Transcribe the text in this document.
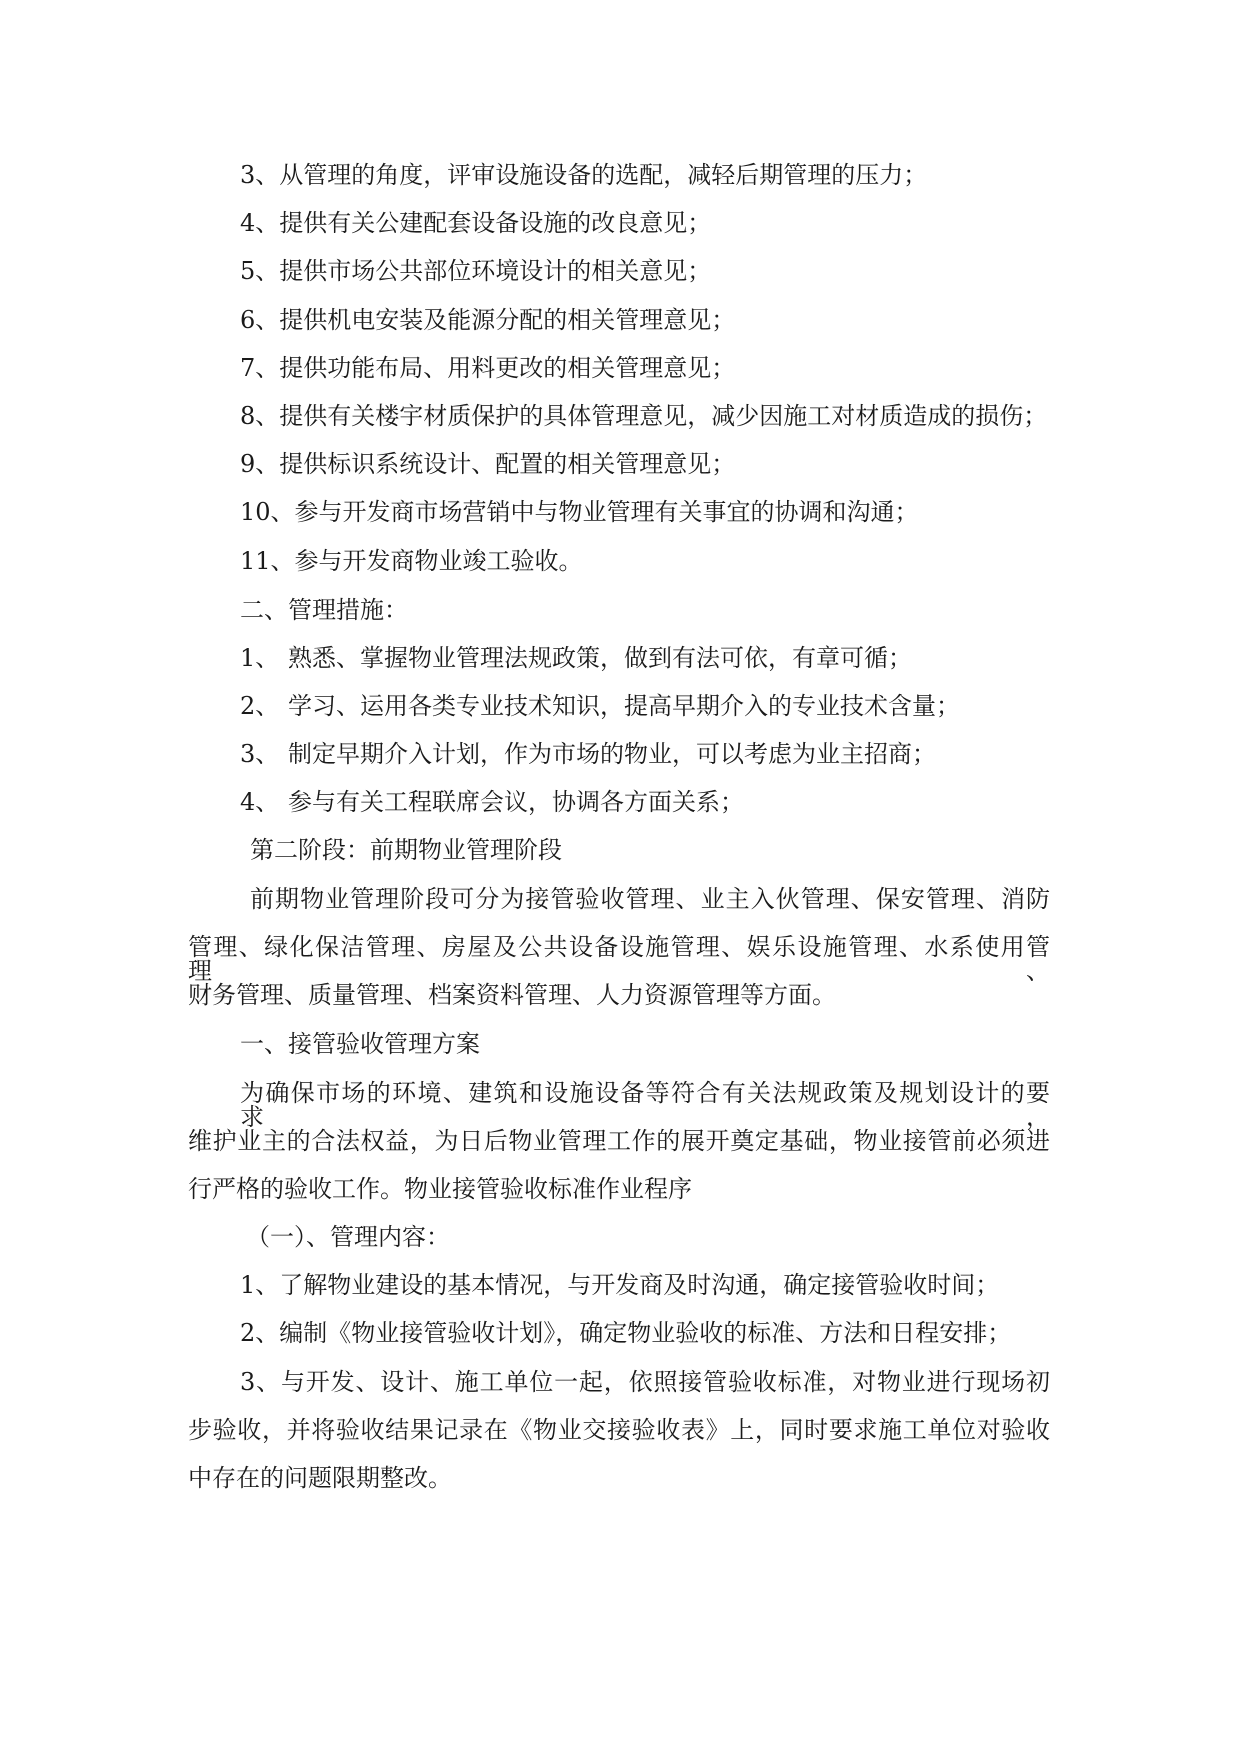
3、从管理的角度，评审设施设备的选配，减轻后期管理的压力；
4、提供有关公建配套设备设施的改良意见；
5、提供市场公共部位环境设计的相关意见；
6、提供机电安装及能源分配的相关管理意见；
7、提供功能布局、用料更改的相关管理意见；
8、提供有关楼宇材质保护的具体管理意见，减少因施工对材质造成的损伤；
9、提供标识系统设计、配置的相关管理意见；
10、参与开发商市场营销中与物业管理有关事宜的协调和沟通；
11、参与开发商物业竣工验收。
二、管理措施：
1、 熟悉、掌握物业管理法规政策，做到有法可依，有章可循；
2、 学习、运用各类专业技术知识，提高早期介入的专业技术含量；
3、 制定早期介入计划，作为市场的物业，可以考虑为业主招商；
4、 参与有关工程联席会议，协调各方面关系；
第二阶段：前期物业管理阶段
前期物业管理阶段可分为接管验收管理、业主入伙管理、保安管理、消防
管理、绿化保洁管理、房屋及公共设备设施管理、娱乐设施管理、水系使用管理、
财务管理、质量管理、档案资料管理、人力资源管理等方面。
一、接管验收管理方案
为确保市场的环境、建筑和设施设备等符合有关法规政策及规划设计的要求，
维护业主的合法权益，为日后物业管理工作的展开奠定基础，物业接管前必须进
行严格的验收工作。物业接管验收标准作业程序
（一）、管理内容：
1、了解物业建设的基本情况，与开发商及时沟通，确定接管验收时间；
2、编制《物业接管验收计划》，确定物业验收的标准、方法和日程安排；
3、与开发、设计、施工单位一起，依照接管验收标准，对物业进行现场初
步验收，并将验收结果记录在《物业交接验收表》上，同时要求施工单位对验收
中存在的问题限期整改。
